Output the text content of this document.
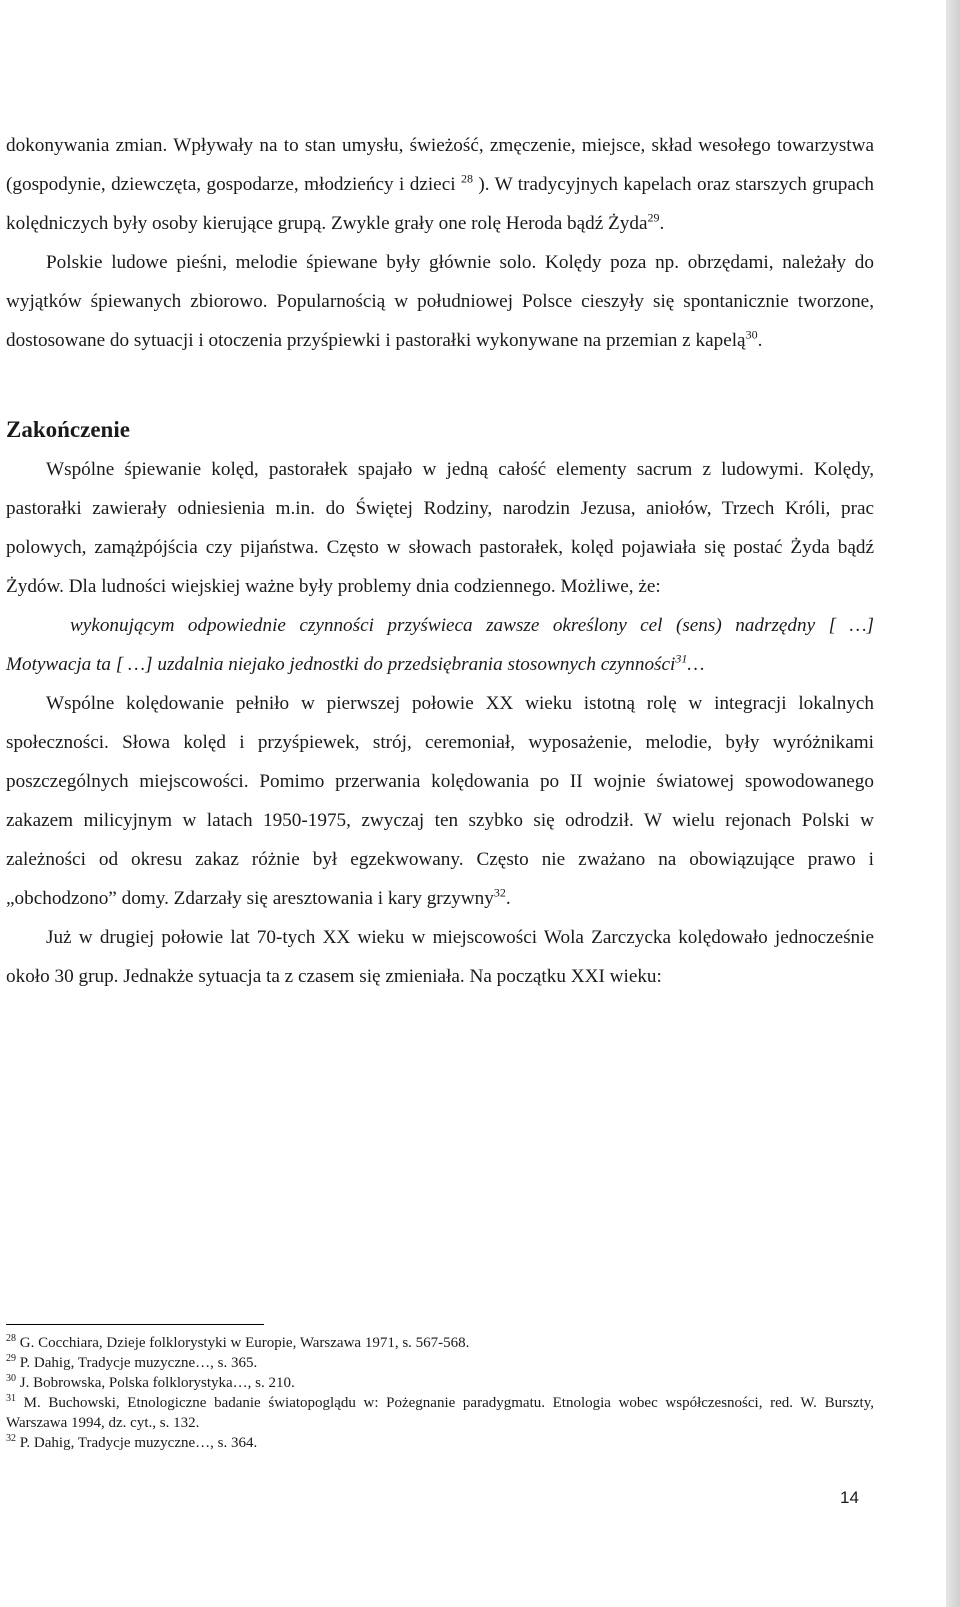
dokonywania zmian. Wpływały na to stan umysłu, świeżość, zmęczenie, miejsce, skład wesołego towarzystwa (gospodynie, dziewczęta, gospodarze, młodzieńcy i dzieci $^{28}$ ). W tradycyjnych kapelach oraz starszych grupach kolędniczych były osoby kierujące grupą. Zwykle grały one rolę Heroda bądź Żyda$^{29}$.

Polskie ludowe pieśni, melodie śpiewane były głównie solo. Kolędy poza np. obrzędami, należały do wyjątków śpiewanych zbiorowo. Popularnością w południowej Polsce cieszyły się spontanicznie tworzone, dostosowane do sytuacji i otoczenia przyśpiewki i pastorałki wykonywane na przemian z kapelą$^{30}$.

Zakończenie

Wspólne śpiewanie kolęd, pastorałek spajało w jedną całość elementy sacrum z ludowymi. Kolędy, pastorałki zawierały odniesienia m.in. do Świętej Rodziny, narodzin Jezusa, aniołów, Trzech Króli, prac polowych, zamążpójścia czy pijaństwa. Często w słowach pastorałek, kolęd pojawiała się postać Żyda bądź Żydów. Dla ludności wiejskiej ważne były problemy dnia codziennego. Możliwe, że:

wykonującym odpowiednie czynności przyświeca zawsze określony cel (sens) nadrzędny [ …] Motywacja ta [ …] uzdalnia niejako jednostki do przedsiębrania stosownych czynności$^{31}$…

Wspólne kolędowanie pełniło w pierwszej połowie XX wieku istotną rolę w integracji lokalnych społeczności. Słowa kolęd i przyśpiewek, strój, ceremoniał, wyposażenie, melodie, były wyróżnikami poszczególnych miejscowości. Pomimo przerwania kolędowania po II wojnie światowej spowodowanego zakazem milicyjnym w latach 1950-1975, zwyczaj ten szybko się odrodził. W wielu rejonach Polski w zależności od okresu zakaz różnie był egzekwowany. Często nie zważano na obowiązujące prawo i „obchodzono” domy. Zdarzały się aresztowania i kary grzywny$^{32}$.

Już w drugiej połowie lat 70-tych XX wieku w miejscowości Wola Zarczycka kolędowało jednocześnie około 30 grup. Jednakże sytuacja ta z czasem się zmieniała. Na początku XXI wieku:

$^{28}$ G. Cocchiara, Dzieje folklorystyki w Europie, Warszawa 1971, s. 567-568.
$^{29}$ P. Dahig, Tradycje muzyczne…, s. 365.
$^{30}$ J. Bobrowska, Polska folklorystyka…, s. 210.
$^{31}$ M. Buchowski, Etnologiczne badanie światopoglądu w: Pożegnanie paradygmatu. Etnologia wobec współczesności, red. W. Burszty, Warszawa 1994, dz. cyt., s. 132.
$^{32}$ P. Dahig, Tradycje muzyczne…, s. 364.
14
